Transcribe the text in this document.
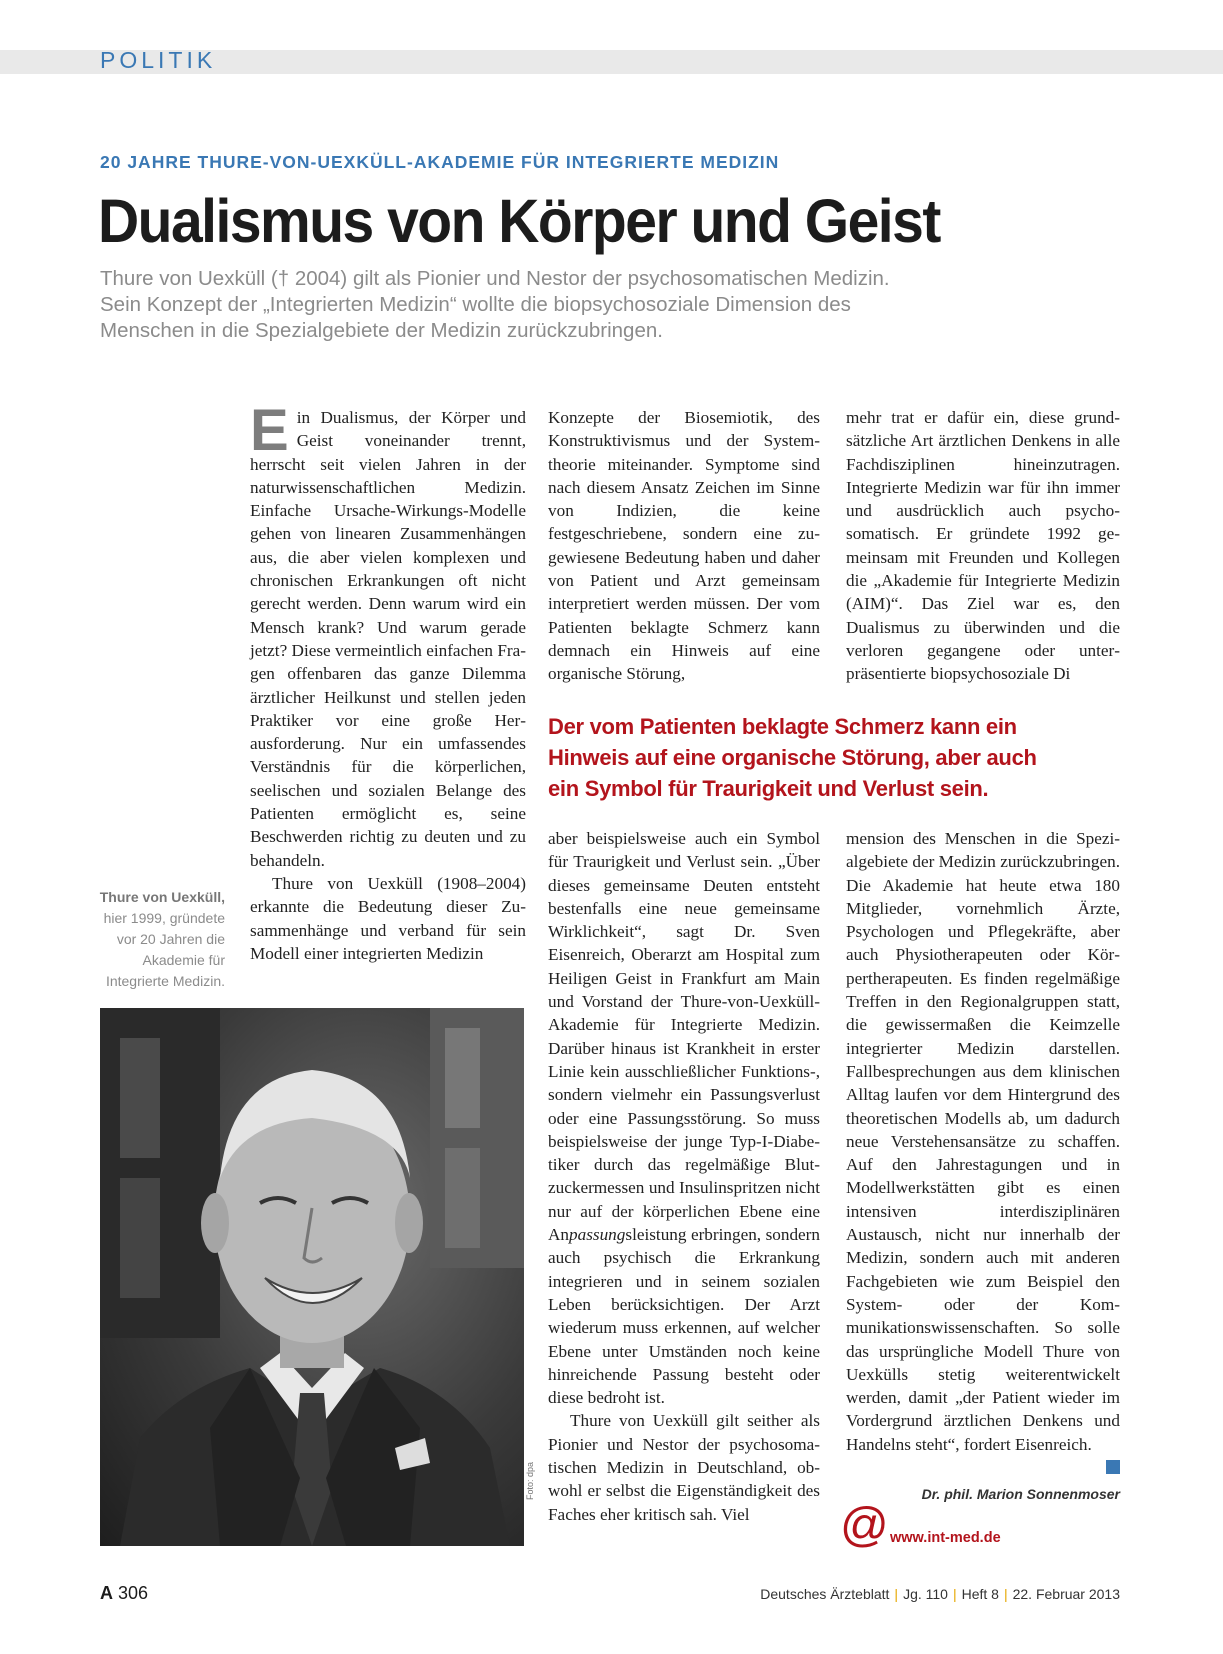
POLITIK
20 JAHRE THURE-VON-UEXKÜLL-AKADEMIE FÜR INTEGRIERTE MEDIZIN
Dualismus von Körper und Geist
Thure von Uexküll († 2004) gilt als Pionier und Nestor der psychosomatischen Medizin.
Sein Konzept der „Integrierten Medizin“ wollte die biopsychosoziale Dimension des
Menschen in die Spezialgebiete der Medizin zurückzubringen.

Ein Dualismus, der Körper und Geist voneinander trennt, herrscht seit vielen Jahren in der naturwissenschaftlichen Medizin. Einfache Ursache-Wirkungs-Modelle gehen von linearen Zusammenhängen aus, die aber vielen komplexen und chronischen Erkrankungen oft nicht gerecht werden. Denn warum wird ein Mensch krank? Und warum gerade jetzt? Diese vermeintlich einfachen Fragen offenbaren das ganze Dilemma ärztlicher Heilkunst und stellen jeden Praktiker vor eine große Herausforderung. Nur ein umfassendes Verständnis für die körperlichen, seelischen und sozialen Belange des Patienten ermöglicht es, seine Beschwerden richtig zu deuten und zu behandeln.

Thure von Uexküll (1908–2004) erkannte die Bedeutung dieser Zusammenhänge und verband für sein Modell einer integrierten Medizin

Konzepte der Biosemiotik, des Konstruktivismus und der Systemtheorie miteinander. Symptome sind nach diesem Ansatz Zeichen im Sinne von Indizien, die keine festgeschriebene, sondern eine zugewiesene Bedeutung haben und daher von Patient und Arzt gemeinsam interpretiert werden müssen. Der vom Patienten beklagte Schmerz kann demnach ein Hinweis auf eine organische Störung,

mehr trat er dafür ein, diese grundsätzliche Art ärztlichen Denkens in alle Fachdisziplinen hineinzutragen. Integrierte Medizin war für ihn immer und ausdrücklich auch psychosomatisch. Er gründete 1992 gemeinsam mit Freunden und Kollegen die „Akademie für Integrierte Medizin (AIM)“. Das Ziel war es, den Dualismus zu überwinden und die verloren gegangene oder unterpräsentierte biopsychosoziale Di

Der vom Patienten beklagte Schmerz kann ein
Hinweis auf eine organische Störung, aber auch
ein Symbol für Traurigkeit und Verlust sein.

aber beispielsweise auch ein Symbol für Traurigkeit und Verlust sein. „Über dieses gemeinsame Deuten entsteht bestenfalls eine neue gemeinsame Wirklichkeit“, sagt Dr. Sven Eisenreich, Oberarzt am Hospital zum Heiligen Geist in Frankfurt am Main und Vorstand der Thure-von-Uexküll-Akademie für Integrierte Medizin. Darüber hinaus ist Krankheit in erster Linie kein ausschließlicher Funktions-, sondern vielmehr ein Passungsverlust oder eine Passungsstörung. So muss beispielsweise der junge Typ-I-Diabetiker durch das regelmäßige Blutzuckermessen und Insulinspritzen nicht nur auf der körperlichen Ebene eine Anpassungsleistung erbringen, sondern auch psychisch die Erkrankung integrieren und in seinem sozialen Leben berücksichtigen. Der Arzt wiederum muss erkennen, auf welcher Ebene unter Umständen noch keine hinreichende Passung besteht oder diese bedroht ist.

Thure von Uexküll gilt seither als Pionier und Nestor der psychosomatischen Medizin in Deutschland, obwohl er selbst die Eigenständigkeit des Faches eher kritisch sah. Viel

mension des Menschen in die Spezialgebiete der Medizin zurückzubringen. Die Akademie hat heute etwa 180 Mitglieder, vornehmlich Ärzte, Psychologen und Pflegekräfte, aber auch Physiotherapeuten oder Körpertherapeuten. Es finden regelmäßige Treffen in den Regionalgruppen statt, die gewissermaßen die Keimzelle integrierter Medizin darstellen. Fallbesprechungen aus dem klinischen Alltag laufen vor dem Hintergrund des theoretischen Modells ab, um dadurch neue Verstehensansätze zu schaffen. Auf den Jahrestagungen und in Modellwerkstätten gibt es einen intensiven interdisziplinären Austausch, nicht nur innerhalb der Medizin, sondern auch mit anderen Fachgebieten wie zum Beispiel den System- oder der Kommunikationswissenschaften. So solle das ursprüngliche Modell Thure von Uexkülls stetig weiterentwickelt werden, damit „der Patient wieder im Vordergrund ärztlichen Denkens und Handelns steht“, fordert Eisenreich.

Thure von Uexküll,
hier 1999, gründete
vor 20 Jahren die
Akademie für
Integrierte Medizin.
Foto: dpa	Dr. phil. Marion Sonnenmoser
@ www.int-med.de
A 306	Deutsches Ärzteblatt | Jg. 110 | Heft 8 | 22. Februar 2013
